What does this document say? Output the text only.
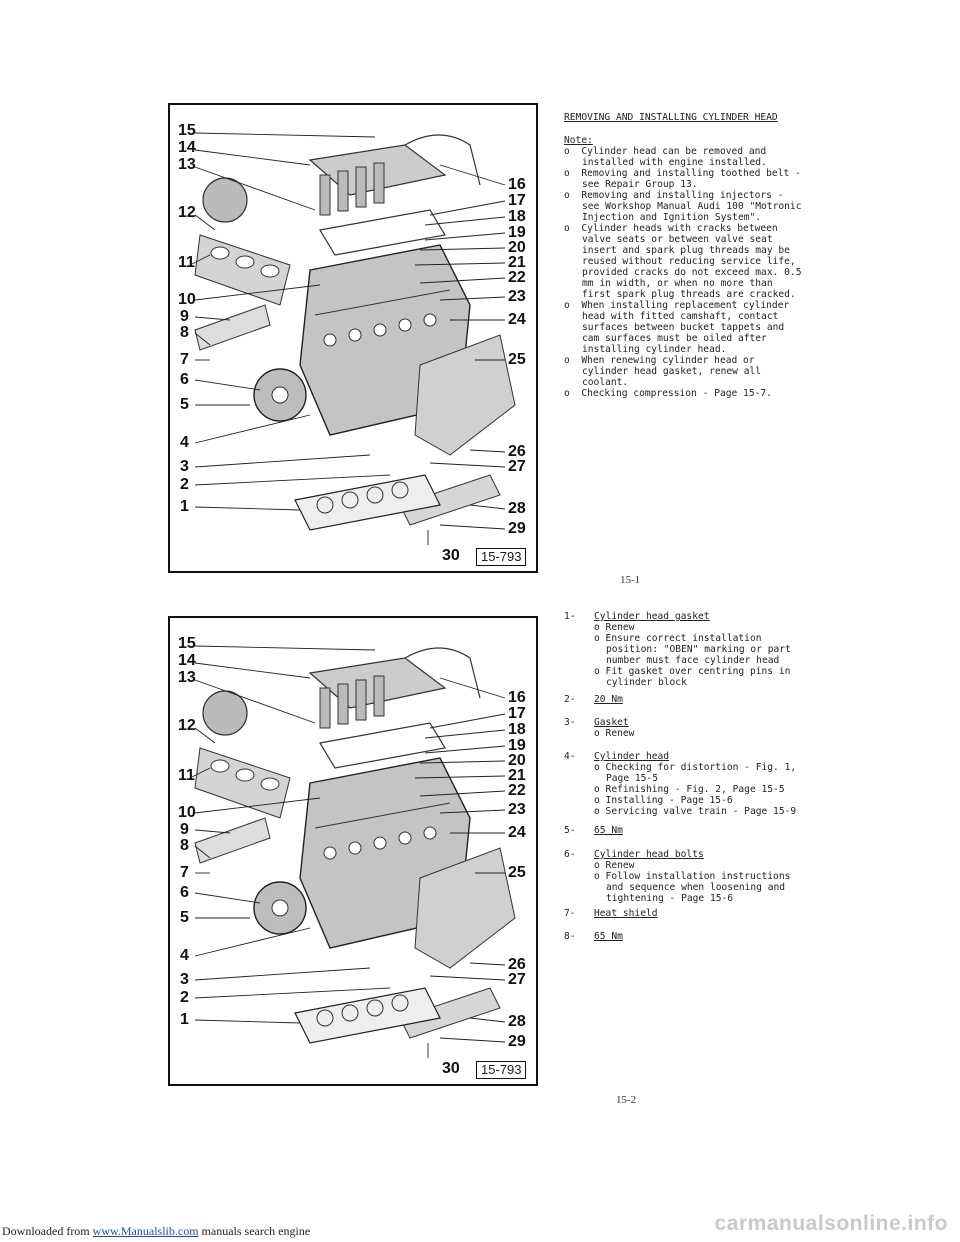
15
14
13
12
11
10
9
8
7
6
5
4
3
2
1
16
17
18
19
20
21
22
23
24
25
26
27
28
29
30	15-793
REMOVING AND INSTALLING CYLINDER HEAD
Note:

o  Cylinder head can be removed and installed with engine installed.

o  Removing and installing toothed belt - see Repair Group 13.

o  Removing and installing injectors - see Workshop Manual Audi 100 "Motronic Injection and Ignition System".

o  Cylinder heads with cracks between valve seats or between valve seat insert and spark plug threads may be reused without reducing service life, provided cracks do not exceed max. 0.5 mm in width, or when no more than first spark plug threads are cracked.

o  When installing replacement cylinder head with fitted camshaft, contact surfaces between bucket tappets and cam surfaces must be oiled after installing cylinder head.

o  When renewing cylinder head or cylinder head gasket, renew all coolant.

o  Checking compression - Page 15-7.

15-1
15
14
13
12
11
10
9
8
7
6
5
4
3
2
1
16
17
18
19
20
21
22
23
24
25
26
27
28
29
30	15-793
1- Cylinder head gasket

o Renew

o Ensure correct installation position: "OBEN" marking or part number must face cylinder head

o Fit gasket over centring pins in cylinder block

2- 20 Nm
3- Gasket

o Renew

4- Cylinder head

o Checking for distortion - Fig. 1, Page 15-5

o Refinishing - Fig. 2, Page 15-5

o Installing - Page 15-6

o Servicing valve train - Page 15-9

5- 65 Nm
6- Cylinder head bolts

o Renew

o Follow installation instructions and sequence when loosening and tightening - Page 15-6

7- Heat shield
8- 65 Nm
15-2
Downloaded from www.Manualslib.com manuals search engine	carmanualsonline.info
